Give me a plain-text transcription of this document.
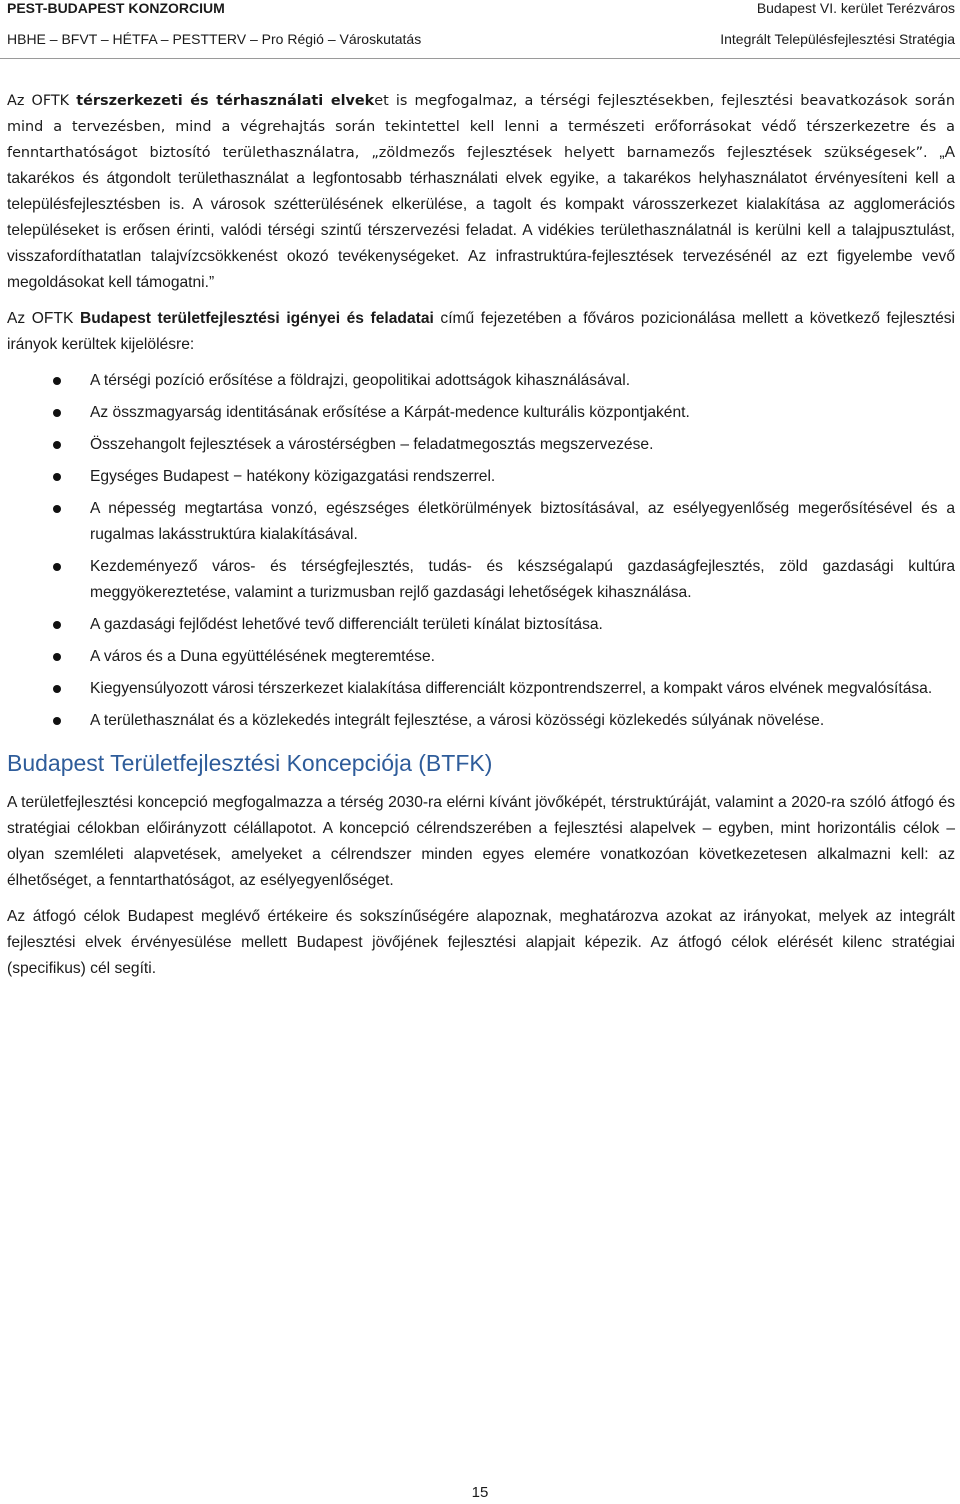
PEST-BUDAPEST KONZORCIUM	Budapest VI. kerület Terézváros
HBHE – BFVT – HÉTFA – PESTTERV – Pro Régió – Városkutatás	Integrált Településfejlesztési Stratégia

Az OFTK térszerkezeti és térhasználati elveket is megfogalmaz, a térségi fejlesztésekben, fejlesztési beavatkozások során mind a tervezésben, mind a végrehajtás során tekintettel kell lenni a természeti erőforrásokat védő térszerkezetre és a fenntarthatóságot biztosító területhasználatra, „zöldmezős fejlesztések helyett barnamezős fejlesztések szükségesek”. „A takarékos és átgondolt területhasználat a legfontosabb térhasználati elvek egyike, a takarékos helyhasználatot érvényesíteni kell a településfejlesztésben is. A városok szétterülésének elkerülése, a tagolt és kompakt városszerkezet kialakítása az agglomerációs településeket is erősen érinti, valódi térségi szintű térszervezési feladat. A vidékies területhasználatnál is kerülni kell a talajpusztulást, visszafordíthatatlan talajvízcsökkenést okozó tevékenységeket. Az infrastruktúra-fejlesztések tervezésénél az ezt figyelembe vevő megoldásokat kell támogatni.”

Az OFTK Budapest területfejlesztési igényei és feladatai című fejezetében a főváros pozicionálása mellett a következő fejlesztési irányok kerültek kijelölésre:

A térségi pozíció erősítése a földrajzi, geopolitikai adottságok kihasználásával.
Az összmagyarság identitásának erősítése a Kárpát-medence kulturális központjaként.
Összehangolt fejlesztések a várostérségben – feladatmegosztás megszervezése.
Egységes Budapest − hatékony közigazgatási rendszerrel.
A népesség megtartása vonzó, egészséges életkörülmények biztosításával, az esélyegyenlőség megerősítésével és a rugalmas lakásstruktúra kialakításával.
Kezdeményező város- és térségfejlesztés, tudás- és készségalapú gazdaságfejlesztés, zöld gazdasági kultúra meggyökereztetése, valamint a turizmusban rejlő gazdasági lehetőségek kihasználása.
A gazdasági fejlődést lehetővé tevő differenciált területi kínálat biztosítása.
A város és a Duna együttélésének megteremtése.
Kiegyensúlyozott városi térszerkezet kialakítása differenciált központrendszerrel, a kompakt város elvének megvalósítása.
A területhasználat és a közlekedés integrált fejlesztése, a városi közösségi közlekedés súlyának növelése.
Budapest Területfejlesztési Koncepciója (BTFK)

A területfejlesztési koncepció megfogalmazza a térség 2030-ra elérni kívánt jövőképét, térstruktúráját, valamint a 2020-ra szóló átfogó és stratégiai célokban előirányzott célállapotot. A koncepció célrendszerében a fejlesztési alapelvek – egyben, mint horizontális célok – olyan szemléleti alapvetések, amelyeket a célrendszer minden egyes elemére vonatkozóan következetesen alkalmazni kell: az élhetőséget, a fenntarthatóságot, az esélyegyenlőséget.

Az átfogó célok Budapest meglévő értékeire és sokszínűségére alapoznak, meghatározva azokat az irányokat, melyek az integrált fejlesztési elvek érvényesülése mellett Budapest jövőjének fejlesztési alapjait képezik. Az átfogó célok elérését kilenc stratégiai (specifikus) cél segíti.

15
